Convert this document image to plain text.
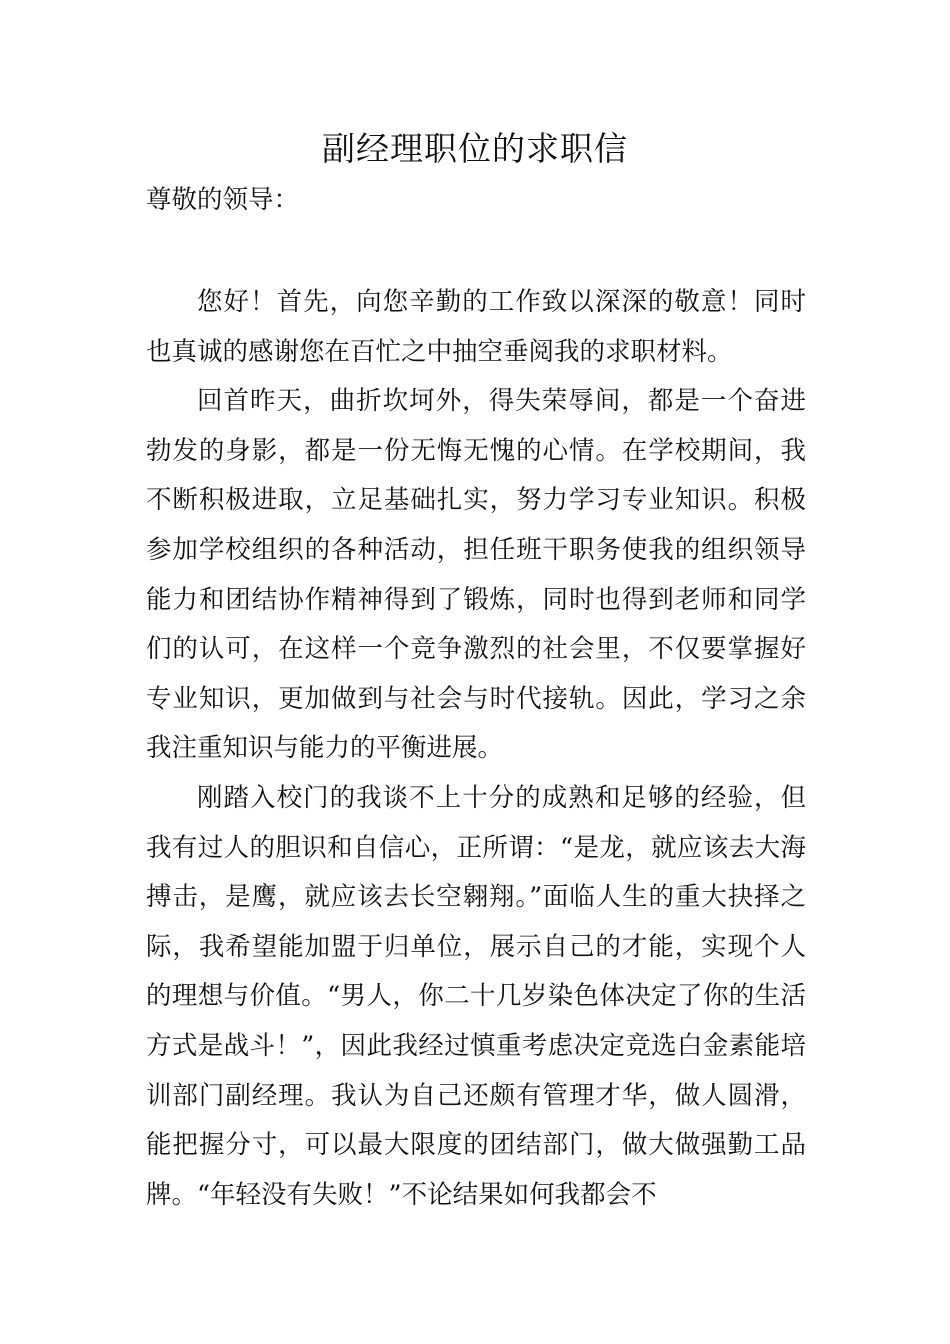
副经理职位的求职信

尊敬的领导：

您好！首先，向您辛勤的工作致以深深的敬意！同时也真诚的感谢您在百忙之中抽空垂阅我的求职材料。

回首昨天，曲折坎坷外，得失荣辱间，都是一个奋进勃发的身影，都是一份无悔无愧的心情。在学校期间，我不断积极进取，立足基础扎实，努力学习专业知识。积极参加学校组织的各种活动，担任班干职务使我的组织领导能力和团结协作精神得到了锻炼，同时也得到老师和同学们的认可，在这样一个竞争激烈的社会里，不仅要掌握好专业知识，更加做到与社会与时代接轨。因此，学习之余我注重知识与能力的平衡进展。

刚踏入校门的我谈不上十分的成熟和足够的经验，但我有过人的胆识和自信心，正所谓：“是龙，就应该去大海搏击，是鹰，就应该去长空翱翔。”面临人生的重大抉择之际，我希望能加盟于归单位，展示自己的才能，实现个人的理想与价值。“男人，你二十几岁染色体决定了你的生活方式是战斗！”，因此我经过慎重考虑决定竞选白金素能培训部门副经理。我认为自己还颇有管理才华，做人圆滑，能把握分寸，可以最大限度的团结部门，做大做强勤工品牌。“年轻没有失败！”不论结果如何我都会不
